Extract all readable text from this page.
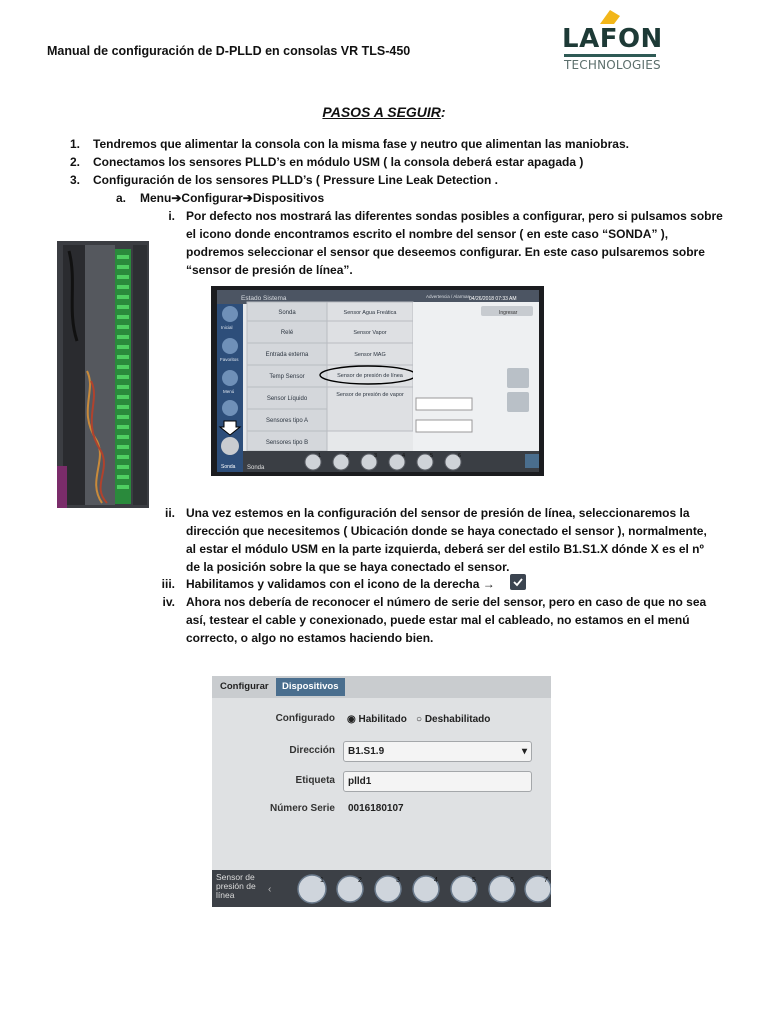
Manual de configuración de D-PLLD en consolas VR TLS-450	LAFON
TECHNOLOGIES
PASOS A SEGUIR:
1. Tendremos que alimentar la consola con la misma fase y neutro que alimentan las maniobras.
2. Conectamos los sensores PLLD’s en módulo USM ( la consola deberá estar apagada )
3. Configuración de los sensores PLLD’s ( Pressure Line Leak Detection .
a. Menu➔Configurar➔Dispositivos
i. Por defecto nos mostrará las diferentes sondas posibles a configurar, pero si pulsamos sobre
el icono donde encontramos escrito el nombre del sensor ( en este caso “SONDA” ),
podremos seleccionar el sensor que deseemos configurar. En este caso pulsaremos sobre
“sensor de presión de línea”.
Estado Sistema	Advertencia / Alarmas 04/26/2018 07:33 AM
Inicial
Favoritos
Menú
Sonda
Sonda
Relé
Entrada externa
Temp Sensor
Sensor Líquido
Sensores tipo A
Sensores tipo B
Sensor Agua Freática
Sensor Vapor
Sensor MAG
Sensor de presión de línea
Sensor de presión de vapor
Ingresar
Sonda
1	2	3	4	5	6
ii. Una vez estemos en la configuración del sensor de presión de línea, seleccionaremos la
dirección que necesitemos ( Ubicación donde se haya conectado el sensor ), normalmente,
al estar el módulo USM en la parte izquierda, deberá ser del estilo B1.S1.X dónde X es el nº
de la posición sobre la que se haya conectado el sensor.
iii. Habilitamos y validamos con el icono de la derecha →
iv. Ahora nos debería de reconocer el número de serie del sensor, pero en caso de que no sea
así, testear el cable y conexionado, puede estar mal el cableado, no estamos en el menú
correcto, o algo no estamos haciendo bien.
Configurar	Dispositivos
Configurado ◉ Habilitado ○ Deshabilitado
Dirección	B1.S1.9	▾
Etiqueta	plld1
Número Serie 0016180107
Sensor de presión de línea	‹
1	2	3	4	5	6	7
